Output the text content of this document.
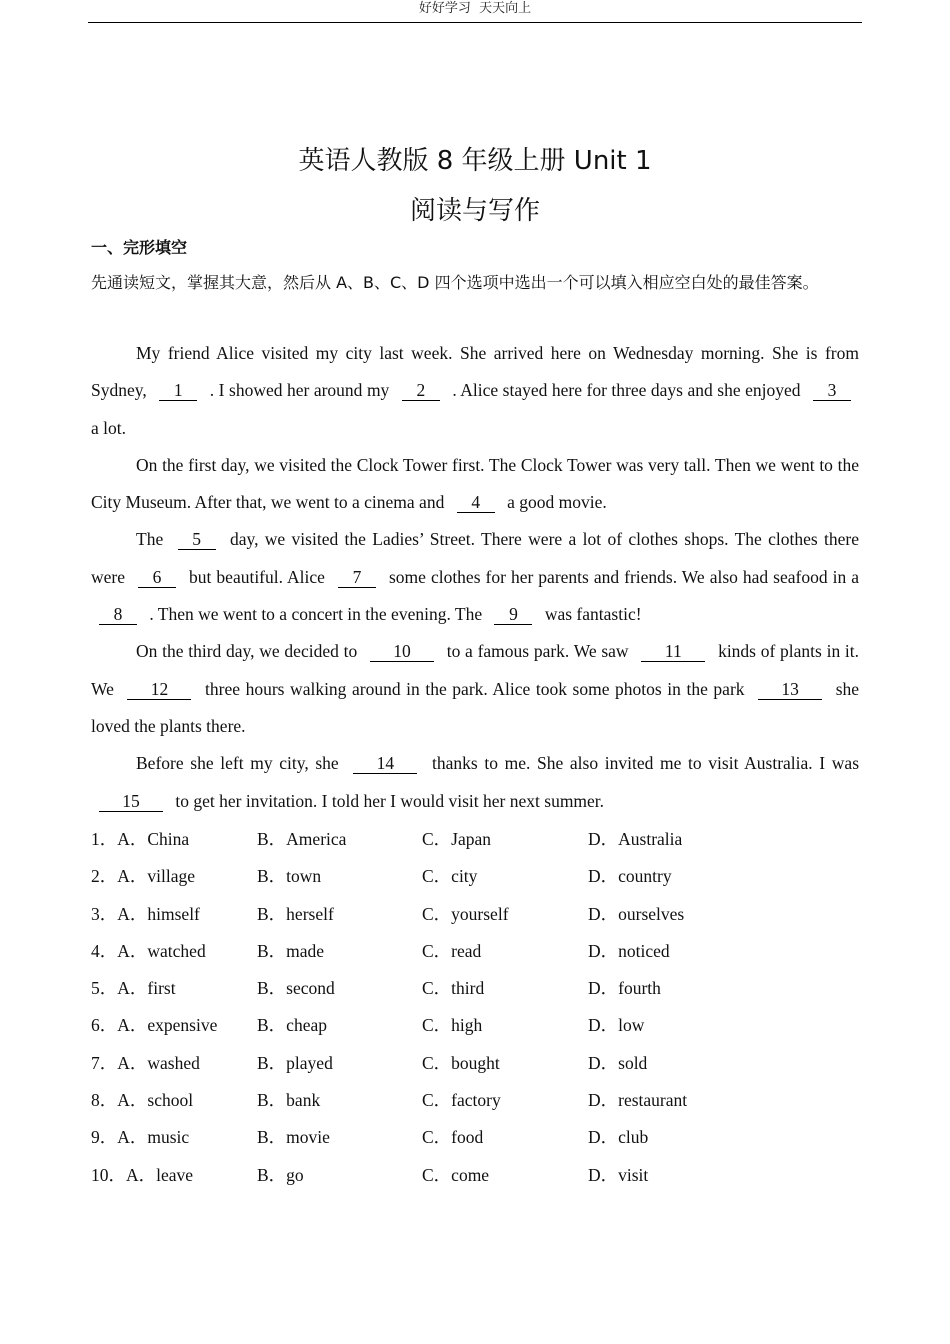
好好学习  天天向上
英语人教版 8 年级上册 Unit 1
阅读与写作
一、完形填空
先通读短文，掌握其大意，然后从 A、B、C、D 四个选项中选出一个可以填入相应空白处的最佳答案。

My friend Alice visited my city last week. She arrived here on Wednesday morning. She is from Sydney, 1 . I showed her around my 2 . Alice stayed here for three days and she enjoyed 3 a lot.

On the first day, we visited the Clock Tower first. The Clock Tower was very tall. Then we went to the City Museum. After that, we went to a cinema and 4 a good movie.

The 5 day, we visited the Ladies’ Street. There were a lot of clothes shops. The clothes there were 6 but beautiful. Alice 7 some clothes for her parents and friends. We also had seafood in a 8 . Then we went to a concert in the evening. The 9 was fantastic!

On the third day, we decided to 10 to a famous park. We saw 11 kinds of plants in it. We 12 three hours walking around in the park. Alice took some photos in the park 13 she loved the plants there.

Before she left my city, she 14 thanks to me. She also invited me to visit Australia. I was 15 to get her invitation. I told her I would visit her next summer.

1．A．China	B．America	C．Japan	D．Australia
2．A．village	B．town	C．city	D．country
3．A．himself	B．herself	C．yourself	D．ourselves
4．A．watched	B．made	C．read	D．noticed
5．A．first	B．second	C．third	D．fourth
6．A．expensive B．cheap	C．high	D．low
7．A．washed	B．played	C．bought	D．sold
8．A．school	B．bank	C．factory	D．restaurant
9．A．music	B．movie	C．food	D．club
10．A．leave	B．go	C．come	D．visit
